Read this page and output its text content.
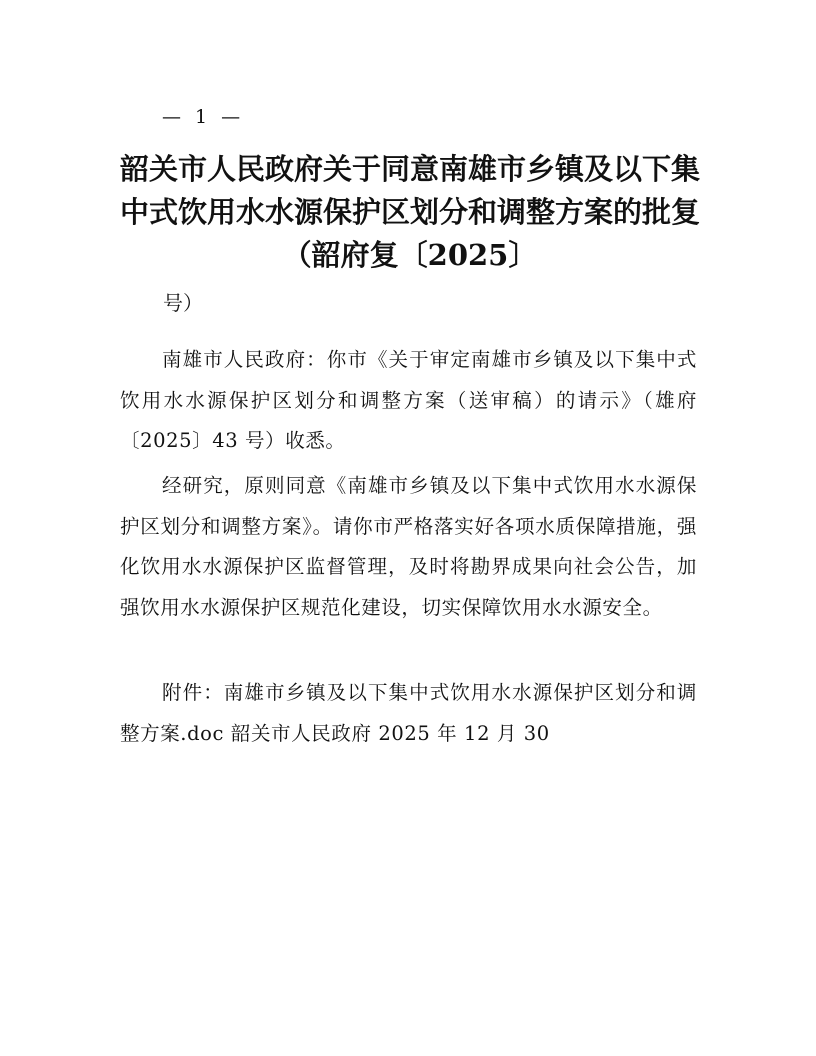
— 1 —
韶关市人民政府关于同意南雄市乡镇及以下集中式饮用水水源保护区划分和调整方案的批复（韶府复〔2025〕
号）

南雄市人民政府：你市《关于审定南雄市乡镇及以下集中式饮用水水源保护区划分和调整方案（送审稿）的请示》（雄府〔2025〕43 号）收悉。

经研究，原则同意《南雄市乡镇及以下集中式饮用水水源保护区划分和调整方案》。请你市严格落实好各项水质保障措施，强化饮用水水源保护区监督管理，及时将勘界成果向社会公告，加强饮用水水源保护区规范化建设，切实保障饮用水水源安全。

附件：南雄市乡镇及以下集中式饮用水水源保护区划分和调整方案.doc 韶关市人民政府 2025 年 12 月 30
